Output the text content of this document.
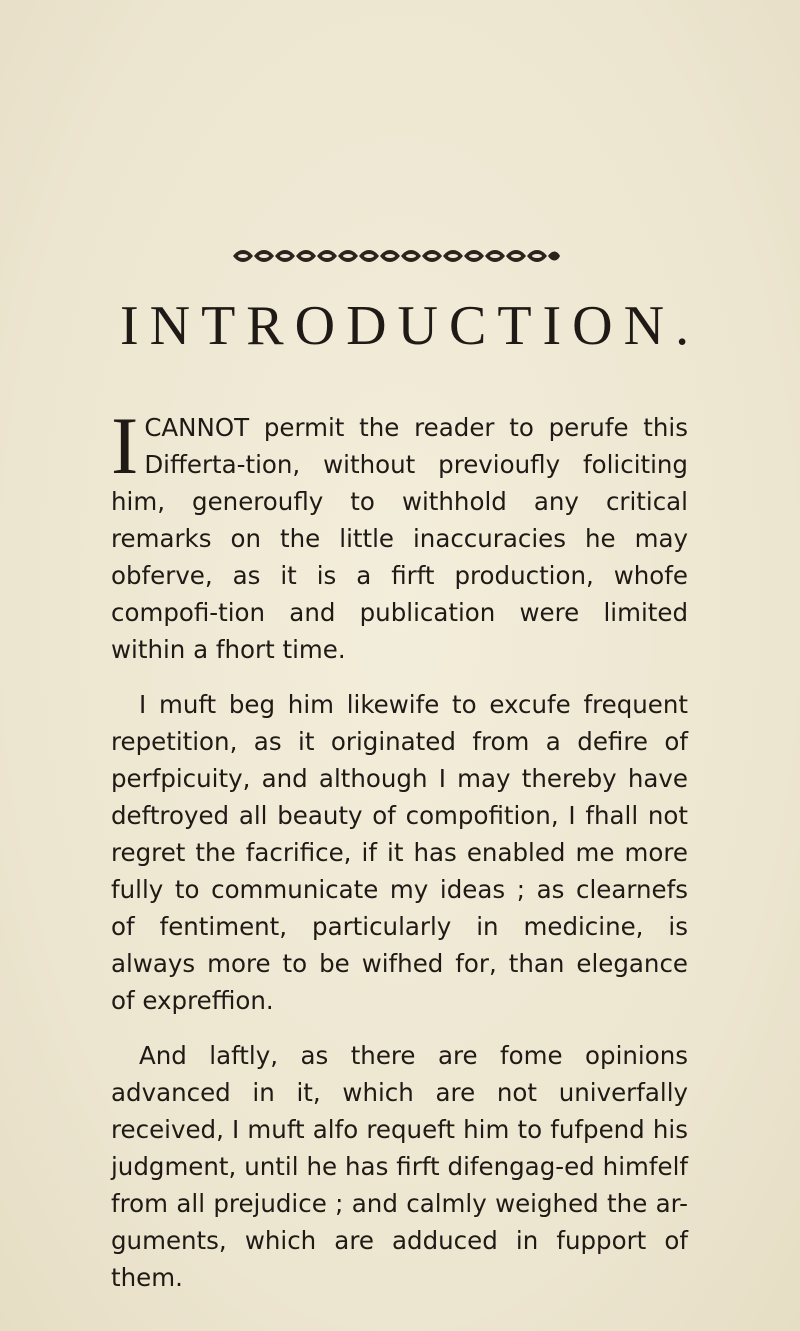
INTRODUCTION.

ICANNOT permit the reader to perufe this Differta-tion, without previoufly foliciting him, generoufly to withhold any critical remarks on the little inaccuracies he may obferve, as it is a firft production, whofe compofi-tion and publication were limited within a fhort time.

I muft beg him likewife to excufe frequent repetition, as it originated from a defire of perfpicuity, and although I may thereby have deftroyed all beauty of compofition, I fhall not regret the facrifice, if it has enabled me more fully to communicate my ideas ; as clearnefs of fentiment, particularly in medicine, is always more to be wifhed for, than elegance of expreffion.

And laftly, as there are fome opinions advanced in it, which are not univerfally received, I muft alfo requeft him to fufpend his judgment, until he has firft difengag-ed himfelf from all prejudice ; and calmly weighed the ar-guments, which are adduced in fupport of them.
